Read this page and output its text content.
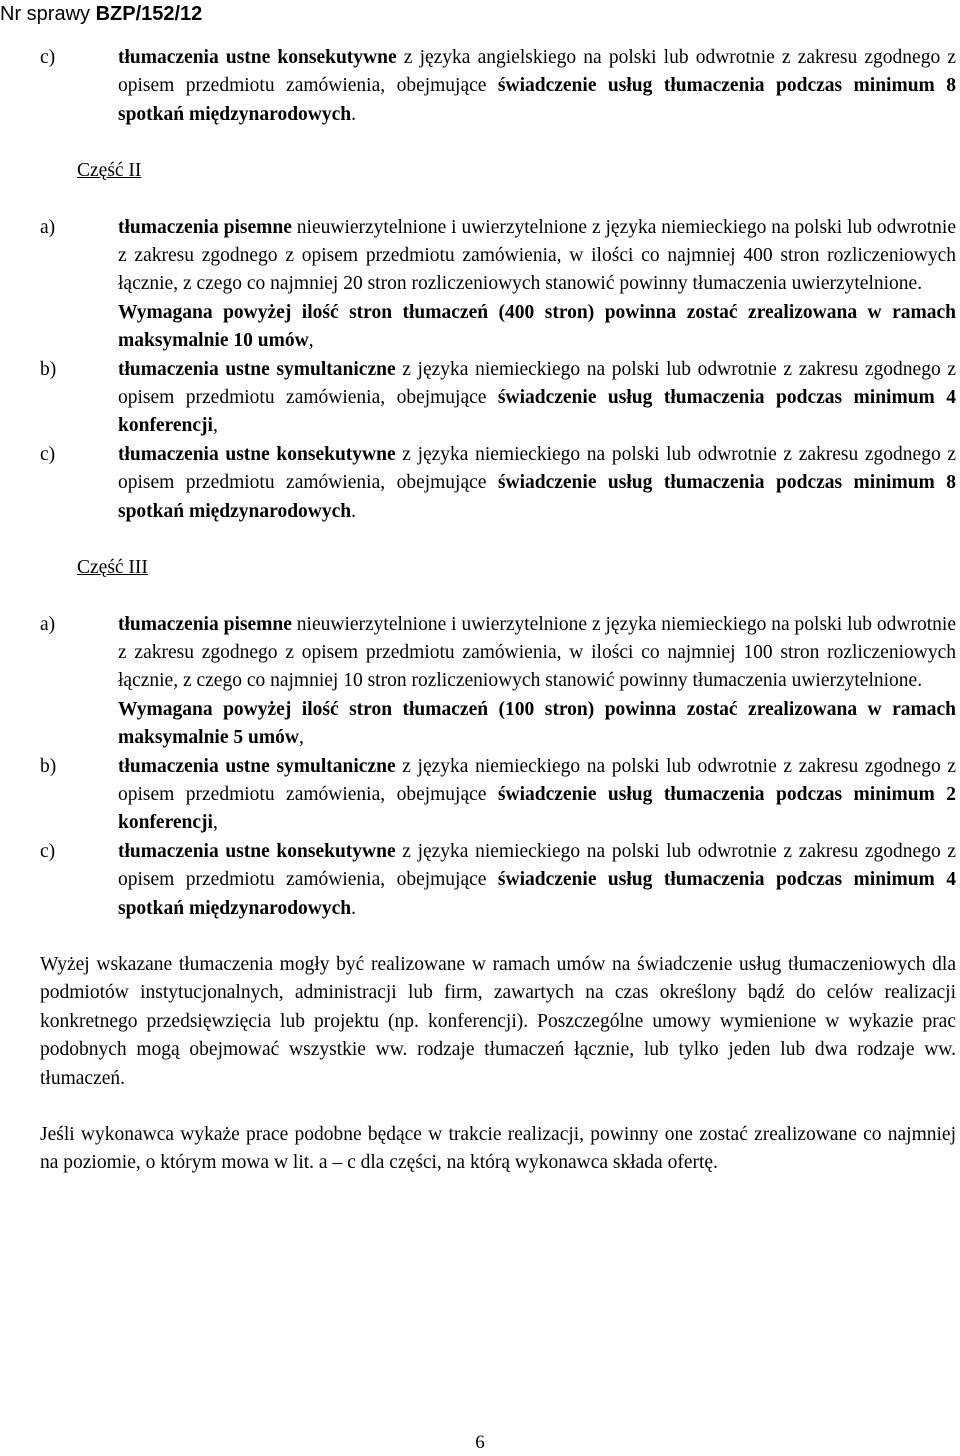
Nr sprawy BZP/152/12
c)	tłumaczenia ustne konsekutywne z języka angielskiego na polski lub odwrotnie z zakresu zgodnego z opisem przedmiotu zamówienia, obejmujące świadczenie usług tłumaczenia podczas minimum 8 spotkań międzynarodowych.
Część II
a)	tłumaczenia pisemne nieuwierzytelnione i uwierzytelnione z języka niemieckiego na polski lub odwrotnie z zakresu zgodnego z opisem przedmiotu zamówienia, w ilości co najmniej 400 stron rozliczeniowych łącznie, z czego co najmniej 20 stron rozliczeniowych stanowić powinny tłumaczenia uwierzytelnione.
Wymagana powyżej ilość stron tłumaczeń (400 stron) powinna zostać zrealizowana w ramach maksymalnie 10 umów,
b)	tłumaczenia ustne symultaniczne z języka niemieckiego na polski lub odwrotnie z zakresu zgodnego z opisem przedmiotu zamówienia, obejmujące świadczenie usług tłumaczenia podczas minimum 4 konferencji,
c)	tłumaczenia ustne konsekutywne z języka niemieckiego na polski lub odwrotnie z zakresu zgodnego z opisem przedmiotu zamówienia, obejmujące świadczenie usług tłumaczenia podczas minimum 8 spotkań międzynarodowych.
Część III
a)	tłumaczenia pisemne nieuwierzytelnione i uwierzytelnione z języka niemieckiego na polski lub odwrotnie z zakresu zgodnego z opisem przedmiotu zamówienia, w ilości co najmniej 100 stron rozliczeniowych łącznie, z czego co najmniej 10 stron rozliczeniowych stanowić powinny tłumaczenia uwierzytelnione.
Wymagana powyżej ilość stron tłumaczeń (100 stron) powinna zostać zrealizowana w ramach maksymalnie 5 umów,
b)	tłumaczenia ustne symultaniczne z języka niemieckiego na polski lub odwrotnie z zakresu zgodnego z opisem przedmiotu zamówienia, obejmujące świadczenie usług tłumaczenia podczas minimum 2 konferencji,
c)	tłumaczenia ustne konsekutywne z języka niemieckiego na polski lub odwrotnie z zakresu zgodnego z opisem przedmiotu zamówienia, obejmujące świadczenie usług tłumaczenia podczas minimum 4 spotkań międzynarodowych.
Wyżej wskazane tłumaczenia mogły być realizowane w ramach umów na świadczenie usług tłumaczeniowych dla podmiotów instytucjonalnych, administracji lub firm, zawartych na czas określony bądź do celów realizacji konkretnego przedsięwzięcia lub projektu (np. konferencji). Poszczególne umowy wymienione w wykazie prac podobnych mogą obejmować wszystkie ww. rodzaje tłumaczeń łącznie, lub tylko jeden lub dwa rodzaje ww. tłumaczeń.
Jeśli wykonawca wykaże prace podobne będące w trakcie realizacji, powinny one zostać zrealizowane co najmniej na poziomie, o którym mowa w lit. a – c dla części, na którą wykonawca składa ofertę.
6
